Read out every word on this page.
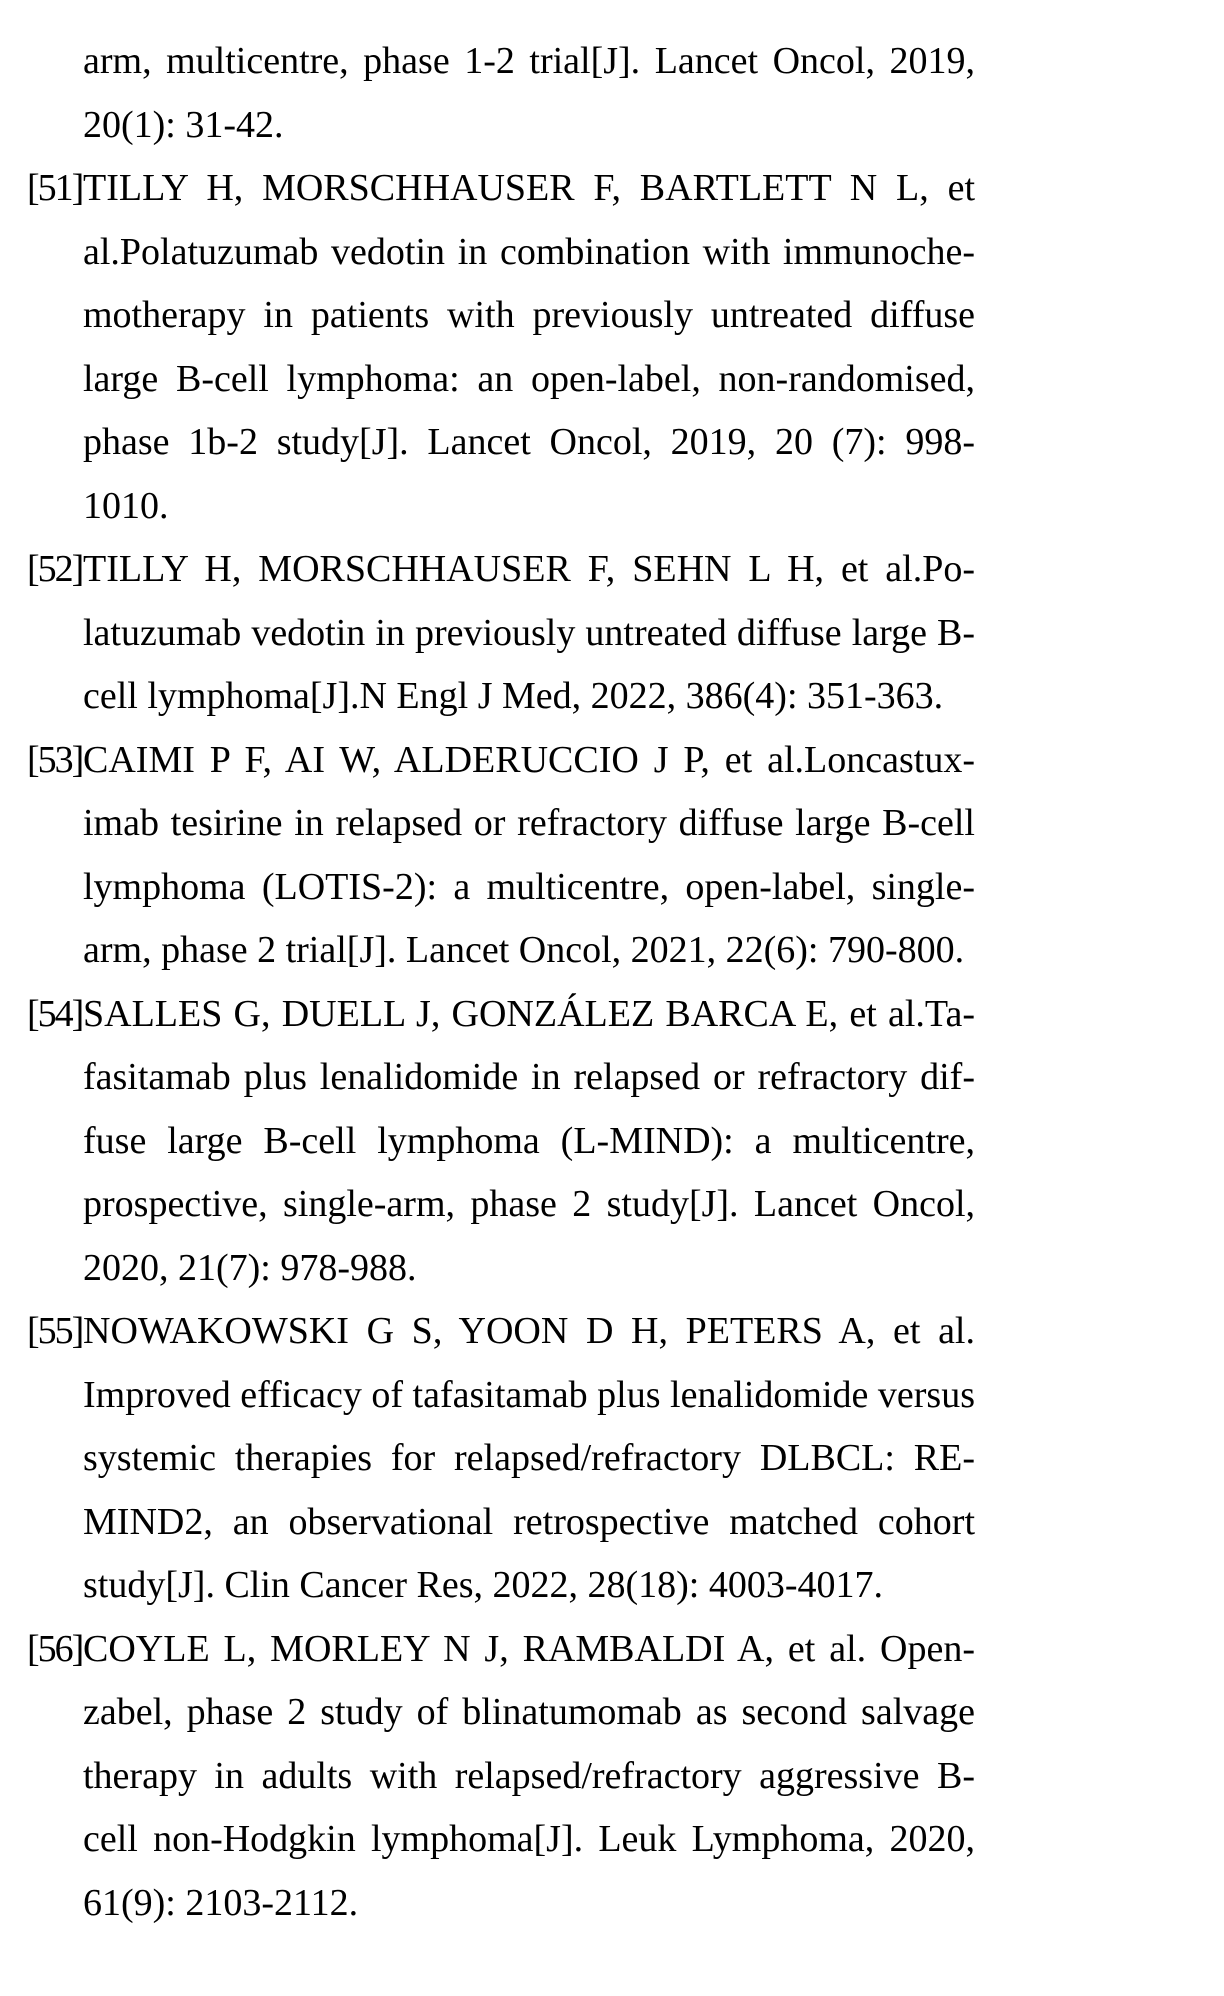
arm, multicentre, phase 1-2 trial[J]. Lancet Oncol, 2019,
20(1): 31-42.
[51] TILLY H, MORSCHHAUSER F, BARTLETT N L, et
al.Polatuzumab vedotin in combination with immunoche-
motherapy in patients with previously untreated diffuse
large B-cell lymphoma: an open-label, non-randomised,
phase 1b-2 study[J]. Lancet Oncol, 2019, 20 (7): 998-
1010.
[52] TILLY H, MORSCHHAUSER F, SEHN L H, et al.Po-
latuzumab vedotin in previously untreated diffuse large B-
cell lymphoma[J].N Engl J Med, 2022, 386(4): 351-363.
[53] CAIMI P F, AI W, ALDERUCCIO J P, et al.Loncastux-
imab tesirine in relapsed or refractory diffuse large B-cell
lymphoma (LOTIS-2): a multicentre, open-label, single-
arm, phase 2 trial[J]. Lancet Oncol, 2021, 22(6): 790-800.
[54] SALLES G, DUELL J, GONZÁLEZ BARCA E, et al.Ta-
fasitamab plus lenalidomide in relapsed or refractory dif-
fuse large B-cell lymphoma (L-MIND): a multicentre,
prospective, single-arm, phase 2 study[J]. Lancet Oncol,
2020, 21(7): 978-988.
[55] NOWAKOWSKI G S, YOON D H, PETERS A, et al.
Improved efficacy of tafasitamab plus lenalidomide versus
systemic therapies for relapsed/refractory DLBCL: RE-
MIND2, an observational retrospective matched cohort
study[J]. Clin Cancer Res, 2022, 28(18): 4003-4017.
[56] COYLE L, MORLEY N J, RAMBALDI A, et al. Open-
zabel, phase 2 study of blinatumomab as second salvage
therapy in adults with relapsed/refractory aggressive B-
cell non-Hodgkin lymphoma[J]. Leuk Lymphoma, 2020,
61(9): 2103-2112.
